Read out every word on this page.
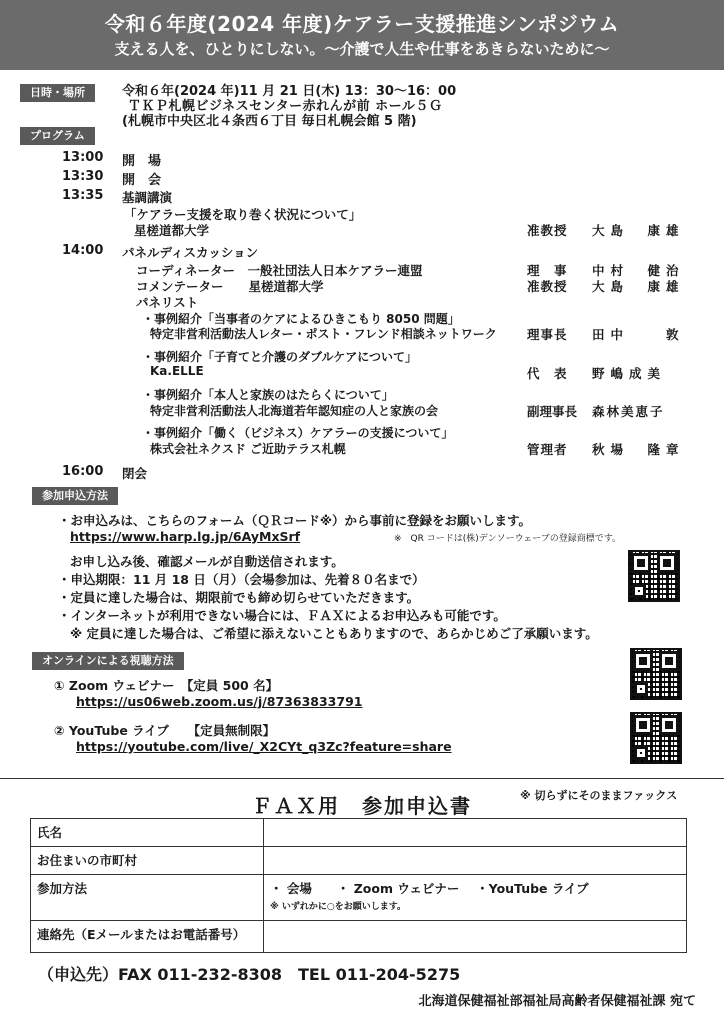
令和６年度(2024 年度)ケアラー支援推進シンポジウム
支える人を、ひとりにしない。～介護で人生や仕事をあきらないために～
日時・場所	令和６年(2024 年)11 月 21 日(木) 13：30～16：00
ＴＫＰ札幌ビジネスセンター赤れんが前 ホール５Ｇ
(札幌市中央区北４条西６丁目 毎日札幌会館 5 階)
プログラム
13:00 開　場
13:30 開　会
13:35 基調講演
「ケアラー支援を取り巻く状況について」
星槎道都大学	准教授 大島　康雄
14:00 パネルディスカッション
コーディネーター　一般社団法人日本ケアラー連盟	理　事 中村　健治
コメンテーター　　星槎道都大学	准教授 大島　康雄
パネリスト
・事例紹介「当事者のケアによるひきこもり 8050 問題」
特定非営利活動法人レター・ポスト・フレンド相談ネットワーク 理事長 田中　　敦
・事例紹介「子育てと介護のダブルケアについて」
Ka.ELLE	代　表 野嶋成美
・事例紹介「本人と家族のはたらくについて」
特定非営利活動法人北海道若年認知症の人と家族の会	副理事長 森林美恵子
・事例紹介「働く（ビジネス）ケアラーの支援について」
株式会社ネクスド ご近助テラス札幌	管理者 秋場　隆章
16:00 閉会
参加申込方法
・お申込みは、こちらのフォーム（ＱＲコード※）から事前に登録をお願いします。
https://www.harp.lg.jp/6AyMxSrf	※　QR コードは(株)デンソーウェーブの登録商標です。
お申し込み後、確認メールが自動送信されます。
・申込期限：11 月 18 日（月）（会場参加は、先着８０名まで）
・定員に達した場合は、期限前でも締め切らせていただきます。
・インターネットが利用できない場合には、ＦＡＸによるお申込みも可能です。
※ 定員に達した場合は、ご希望に添えないこともありますので、あらかじめご了承願います。
オンラインによる視聴方法
① Zoom ウェビナー　【定員 500 名】
https://us06web.zoom.us/j/87363833791
② YouTube ライブ　　【定員無制限】
https://youtube.com/live/_X2CYt_q3Zc?feature=share
ＦＡＸ用　参加申込書	※ 切らずにそのままファックス
氏名	
お住まいの市町村	
参加方法	・ 会場　　・ Zoom ウェビナー　 ・YouTube ライブ
※ いずれかに○をお願いします。

連絡先（Eメールまたはお電話番号）	
（申込先）FAX 011-232-8308　TEL 011-204-5275
北海道保健福祉部福祉局高齢者保健福祉課 宛て
